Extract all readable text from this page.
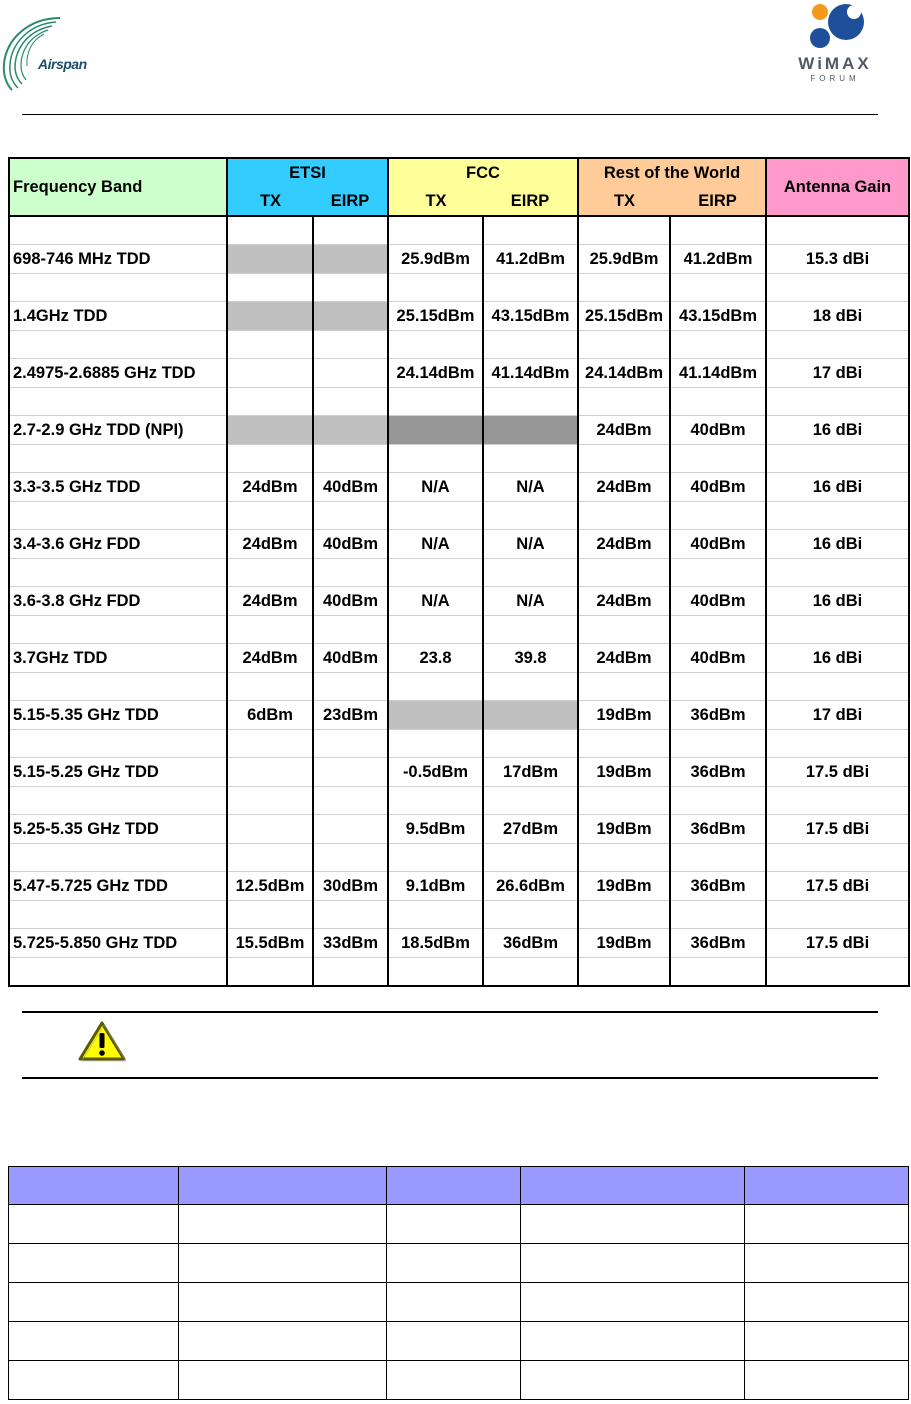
Airspan	WiMAX
FORUM
Frequency Band	ETSI		FCC		Rest of the World		Antenna Gain
	TX	EIRP	TX	EIRP	TX	EIRP	

698-746 MHz TDD			25.9dBm	41.2dBm	25.9dBm	41.2dBm	15.3 dBi

1.4GHz TDD			25.15dBm	43.15dBm	25.15dBm	43.15dBm	18 dBi

2.4975-2.6885 GHz TDD			24.14dBm	41.14dBm	24.14dBm	41.14dBm	17 dBi

2.7-2.9 GHz TDD (NPI)					24dBm	40dBm	16 dBi

3.3-3.5 GHz TDD	24dBm	40dBm	N/A	N/A	24dBm	40dBm	16 dBi

3.4-3.6 GHz FDD	24dBm	40dBm	N/A	N/A	24dBm	40dBm	16 dBi

3.6-3.8 GHz FDD	24dBm	40dBm	N/A	N/A	24dBm	40dBm	16 dBi

3.7GHz TDD	24dBm	40dBm	23.8	39.8	24dBm	40dBm	16 dBi

5.15-5.35 GHz TDD	6dBm	23dBm			19dBm	36dBm	17 dBi

5.15-5.25 GHz TDD			-0.5dBm	17dBm	19dBm	36dBm	17.5 dBi

5.25-5.35 GHz TDD			9.5dBm	27dBm	19dBm	36dBm	17.5 dBi

5.47-5.725 GHz TDD	12.5dBm	30dBm	9.1dBm	26.6dBm	19dBm	36dBm	17.5 dBi

5.725-5.850 GHz TDD	15.5dBm	33dBm	18.5dBm	36dBm	19dBm	36dBm	17.5 dBi
